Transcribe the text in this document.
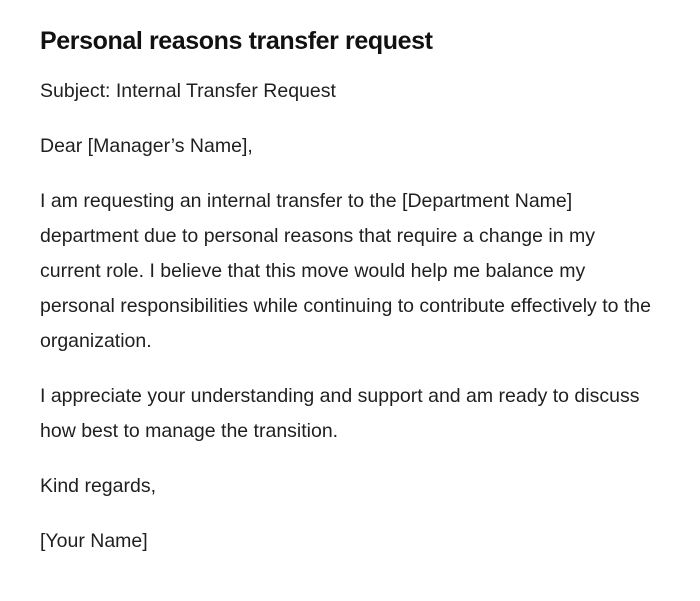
Personal reasons transfer request

Subject: Internal Transfer Request

Dear [Manager’s Name],

I am requesting an internal transfer to the [Department Name] department due to personal reasons that require a change in my current role. I believe that this move would help me balance my personal responsibilities while continuing to contribute effectively to the organization.

I appreciate your understanding and support and am ready to discuss how best to manage the transition.

Kind regards,

[Your Name]
